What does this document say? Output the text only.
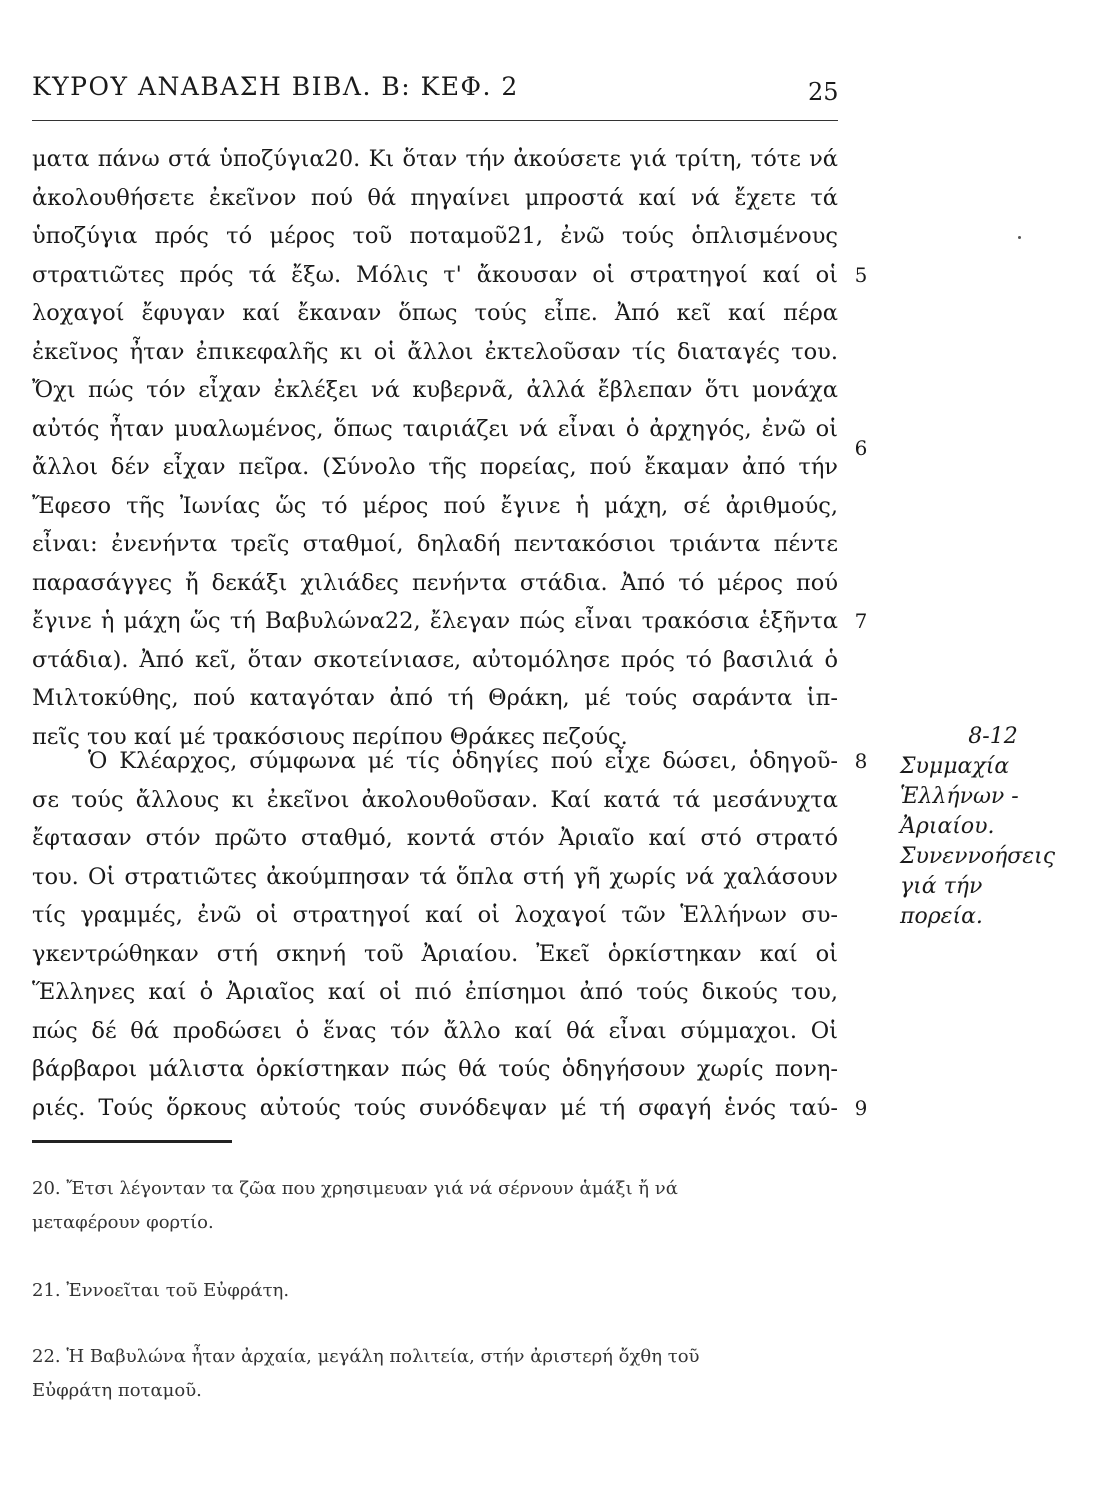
ΚΥΡΟΥ ΑΝΑΒΑΣΗ ΒΙΒΛ. Β: ΚΕΦ. 2	25
ματα πάνω στά ὑποζύγια20. Κι ὅταν τήν ἀκούσετε γιά τρίτη, τότε νά
ἀκολουθήσετε ἐκεῖνον πού θά πηγαίνει μπροστά καί νά ἔχετε τά
ὑποζύγια πρός τό μέρος τοῦ ποταμοῦ21, ἐνῶ τούς ὁπλισμένους
στρατιῶτες πρός τά ἔξω. Μόλις τ' ἄκουσαν οἱ στρατηγοί καί οἱ
λοχαγοί ἔφυγαν καί ἔκαναν ὅπως τούς εἶπε. Ἀπό κεῖ καί πέρα
ἐκεῖνος ἦταν ἐπικεφαλῆς κι οἱ ἄλλοι ἐκτελοῦσαν τίς διαταγές του.
Ὄχι πώς τόν εἶχαν ἐκλέξει νά κυβερνᾶ, ἀλλά ἔβλεπαν ὅτι μονάχα
αὐτός ἦταν μυαλωμένος, ὅπως ταιριάζει νά εἶναι ὁ ἀρχηγός, ἐνῶ οἱ
ἄλλοι δέν εἶχαν πεῖρα. (Σύνολο τῆς πορείας, πού ἔκαμαν ἀπό τήν
Ἔφεσο τῆς Ἰωνίας ὥς τό μέρος πού ἔγινε ἡ μάχη, σέ ἀριθμούς,
εἶναι: ἐνενήντα τρεῖς σταθμοί, δηλαδή πεντακόσιοι τριάντα πέντε
παρασάγγες ἤ δεκάξι χιλιάδες πενήντα στάδια. Ἀπό τό μέρος πού
ἔγινε ἡ μάχη ὥς τή Βαβυλώνα22, ἔλεγαν πώς εἶναι τρακόσια ἑξῆντα
στάδια). Ἀπό κεῖ, ὅταν σκοτείνιασε, αὐτομόλησε πρός τό βασιλιά ὁ
Μιλτοκύθης, πού καταγόταν ἀπό τή Θράκη, μέ τούς σαράντα ἱπ-
πεῖς του καί μέ τρακόσιους περίπου Θράκες πεζούς.
Ὁ Κλέαρχος, σύμφωνα μέ τίς ὁδηγίες πού εἶχε δώσει, ὁδηγοῦ-
σε τούς ἄλλους κι ἐκεῖνοι ἀκολουθοῦσαν. Καί κατά τά μεσάνυχτα
ἔφτασαν στόν πρῶτο σταθμό, κοντά στόν Ἀριαῖο καί στό στρατό
του. Οἱ στρατιῶτες ἀκούμπησαν τά ὅπλα στή γῆ χωρίς νά χαλάσουν
τίς γραμμές, ἐνῶ οἱ στρατηγοί καί οἱ λοχαγοί τῶν Ἑλλήνων συ-
γκεντρώθηκαν στή σκηνή τοῦ Ἀριαίου. Ἐκεῖ ὁρκίστηκαν καί οἱ
Ἕλληνες καί ὁ Ἀριαῖος καί οἱ πιό ἐπίσημοι ἀπό τούς δικούς του,
πώς δέ θά προδώσει ὁ ἕνας τόν ἄλλο καί θά εἶναι σύμμαχοι. Οἱ
βάρβαροι μάλιστα ὁρκίστηκαν πώς θά τούς ὁδηγήσουν χωρίς πονη-
ριές. Τούς ὅρκους αὐτούς τούς συνόδεψαν μέ τή σφαγή ἑνός ταύ-
5
6
7
8
9
8-12
Συμμαχία
Ἑλλήνων -
Ἀριαίου.
Συνεννοήσεις
γιά τήν
πορεία.
20. Ἔτσι λέγονταν τα ζῶα που χρησιμευαν γιά νά σέρνουν ἁμάξι ἤ νά
μεταφέρουν φορτίο.
21. Ἐννοεῖται τοῦ Εὐφράτη.
22. Ἡ Βαβυλώνα ἦταν ἀρχαία, μεγάλη πολιτεία, στήν ἀριστερή ὄχθη τοῦ
Εὐφράτη ποταμοῦ.
